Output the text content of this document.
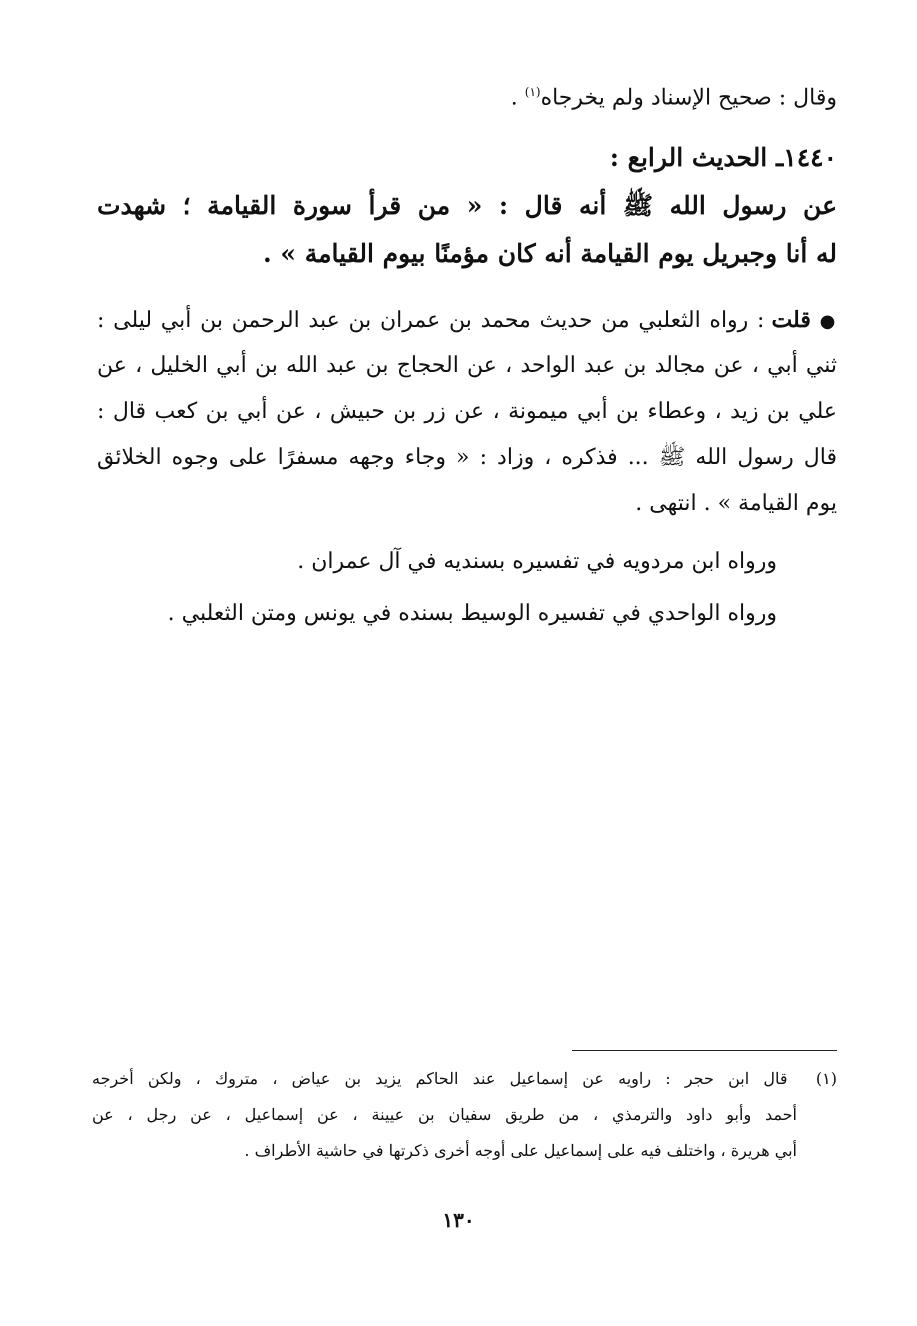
وقال : صحيح الإسناد ولم يخرجاه$^{(١)}$ .
١٤٤٠ـ الحديث الرابع :
عن رسول الله ﷺ أنه قال : « من قرأ سورة القيامة ؛ شهدت
له أنا وجبريل يوم القيامة أنه كان مؤمنًا بيوم القيامة » .
● قلت : رواه الثعلبي من حديث محمد بن عمران بن عبد الرحمن بن أبي ليلى :
ثني أبي ، عن مجالد بن عبد الواحد ، عن الحجاج بن عبد الله بن أبي الخليل ، عن
علي بن زيد ، وعطاء بن أبي ميمونة ، عن زر بن حبيش ، عن أبي بن كعب قال :
قال رسول الله ﷺ ... فذكره ، وزاد : « وجاء وجهه مسفرًا على وجوه الخلائق
يوم القيامة » . انتهى .
ورواه ابن مردويه في تفسيره بسنديه في آل عمران .
ورواه الواحدي في تفسيره الوسيط بسنده في يونس ومتن الثعلبي .
(١)  قال ابن حجر : راويه عن إسماعيل عند الحاكم يزيد بن عياض ، متروك ، ولكن أخرجه
أحمد وأبو داود والترمذي ، من طريق سفيان بن عيينة ، عن إسماعيل ، عن رجل ، عن
أبي هريرة ، واختلف فيه على إسماعيل على أوجه أخرى ذكرتها في حاشية الأطراف .
١٣٠
